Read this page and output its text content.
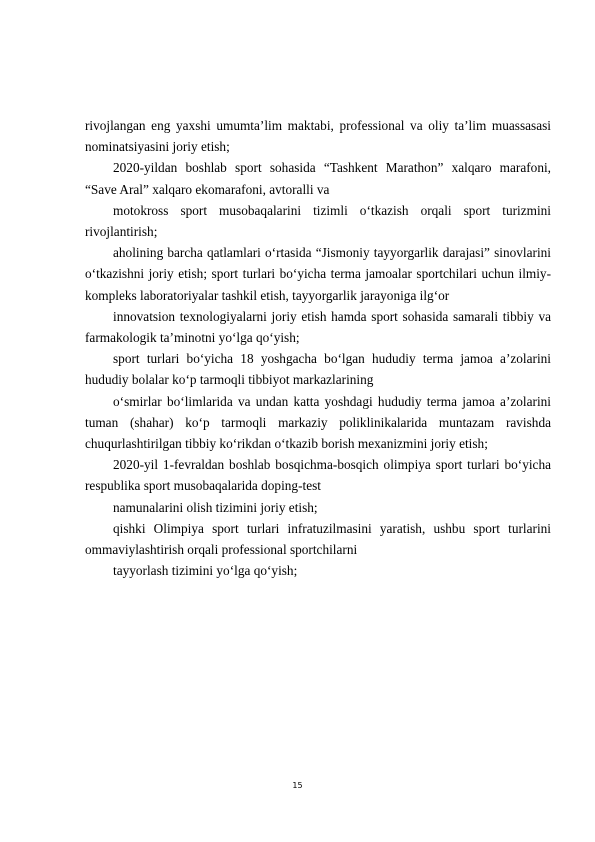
rivojlangan eng yaxshi umumta’lim maktabi, professional va oliy ta’lim muassasasi nominatsiyasini joriy etish;

2020-yildan boshlab sport sohasida “Tashkent Marathon” xalqaro marafoni, “Save Aral” xalqaro ekomarafoni, avtoralli va

motokross sport musobaqalarini tizimli o‘tkazish orqali sport turizmini rivojlantirish;

aholining barcha qatlamlari o‘rtasida “Jismoniy tayyorgarlik darajasi” sinovlarini o‘tkazishni joriy etish; sport turlari bo‘yicha terma jamoalar sportchilari uchun ilmiy-kompleks laboratoriyalar tashkil etish, tayyorgarlik jarayoniga ilg‘or

innovatsion texnologiyalarni joriy etish hamda sport sohasida samarali tibbiy va farmakologik ta’minotni yo‘lga qo‘yish;

sport turlari bo‘yicha 18 yoshgacha bo‘lgan hududiy terma jamoa a’zolarini hududiy bolalar ko‘p tarmoqli tibbiyot markazlarining

o‘smirlar bo‘limlarida va undan katta yoshdagi hududiy terma jamoa a’zolarini tuman (shahar) ko‘p tarmoqli markaziy poliklinikalarida muntazam ravishda chuqurlashtirilgan tibbiy ko‘rikdan o‘tkazib borish mexanizmini joriy etish;

2020-yil 1-fevraldan boshlab bosqichma-bosqich olimpiya sport turlari bo‘yicha respublika sport musobaqalarida doping-test

namunalarini olish tizimini joriy etish;

qishki Olimpiya sport turlari infratuzilmasini yaratish, ushbu sport turlarini ommaviylashtirish orqali professional sportchilarni

tayyorlash tizimini yo‘lga qo‘yish;

15
